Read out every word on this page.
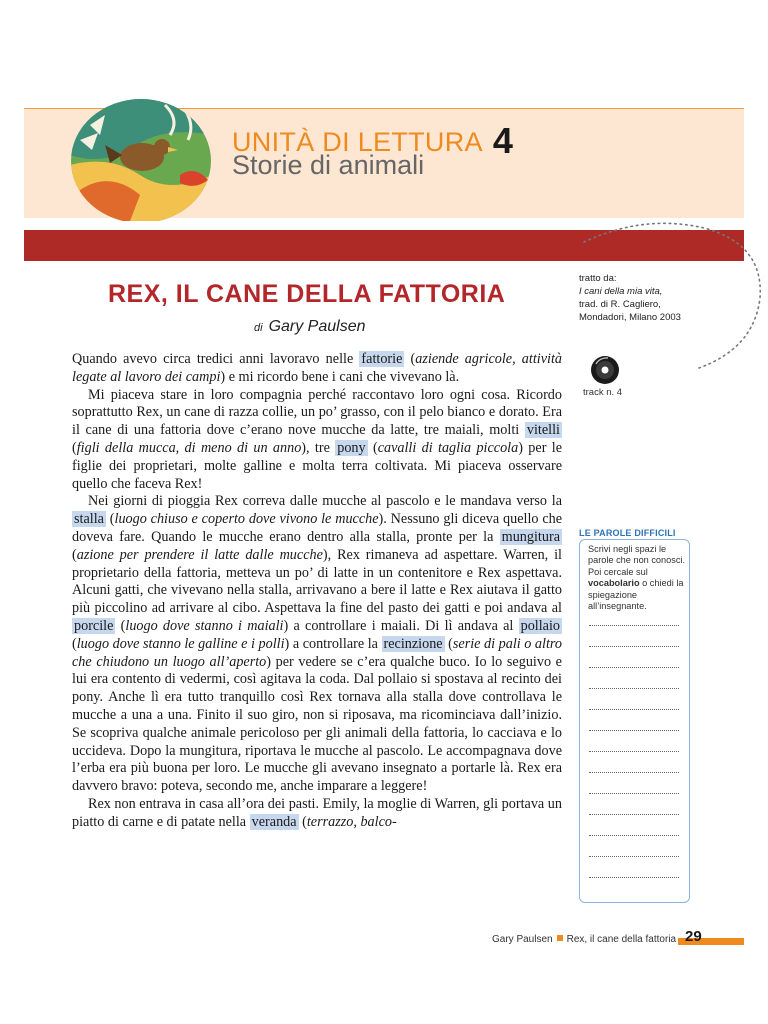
UNITÀ DI LETTURA 4
Storie di animali
REX, IL CANE DELLA FATTORIA
di Gary Paulsen
tratto da:
I cani della mia vita,
trad. di R. Cagliero,
Mondadori, Milano 2003
track n. 4

Quando avevo circa tredici anni lavoravo nelle fattorie (aziende agricole, attività legate al lavoro dei campi) e mi ricordo bene i cani che vivevano là.

Mi piaceva stare in loro compagnia perché raccontavo loro ogni cosa. Ricordo soprattutto Rex, un cane di razza collie, un po’ grasso, con il pelo bianco e dorato. Era il cane di una fattoria dove c’erano nove mucche da latte, tre maiali, molti vitelli (figli della mucca, di meno di un anno), tre pony (cavalli di taglia piccola) per le figlie dei proprietari, molte galline e molta terra coltivata. Mi piaceva osservare quello che faceva Rex!

Nei giorni di pioggia Rex correva dalle mucche al pascolo e le mandava verso la stalla (luogo chiuso e coperto dove vivono le mucche). Nessuno gli diceva quello che doveva fare. Quando le mucche erano dentro alla stalla, pronte per la mungitura (azione per prendere il latte dalle mucche), Rex rimaneva ad aspettare. Warren, il proprietario della fattoria, metteva un po’ di latte in un contenitore e Rex aspettava. Alcuni gatti, che vivevano nella stalla, arrivavano a bere il latte e Rex aiutava il gatto più piccolino ad arrivare al cibo. Aspettava la fine del pasto dei gatti e poi andava al porcile (luogo dove stanno i maiali) a controllare i maiali. Di lì andava al pollaio (luogo dove stanno le galline e i polli) a controllare la recinzione (serie di pali o altro che chiudono un luogo all’aperto) per vedere se c’era qualche buco. Io lo seguivo e lui era contento di vedermi, così agitava la coda. Dal pollaio si spostava al recinto dei pony. Anche lì era tutto tranquillo così Rex tornava alla stalla dove controllava le mucche a una a una. Finito il suo giro, non si riposava, ma ricominciava dall’inizio. Se scopriva qualche animale pericoloso per gli animali della fattoria, lo cacciava e lo uccideva. Dopo la mungitura, riportava le mucche al pascolo. Le accompagnava dove l’erba era più buona per loro. Le mucche gli avevano insegnato a portarle là. Rex era davvero bravo: poteva, secondo me, anche imparare a leggere!

Rex non entrava in casa all’ora dei pasti. Emily, la moglie di Warren, gli portava un piatto di carne e di patate nella veranda (terrazzo, balco-

LE PAROLE DIFFICILI
Scrivi negli spazi le parole che non conosci. Poi cercale sul vocabolario o chiedi la spiegazione all’insegnante.
Gary Paulsen Rex, il cane della fattoria 29
